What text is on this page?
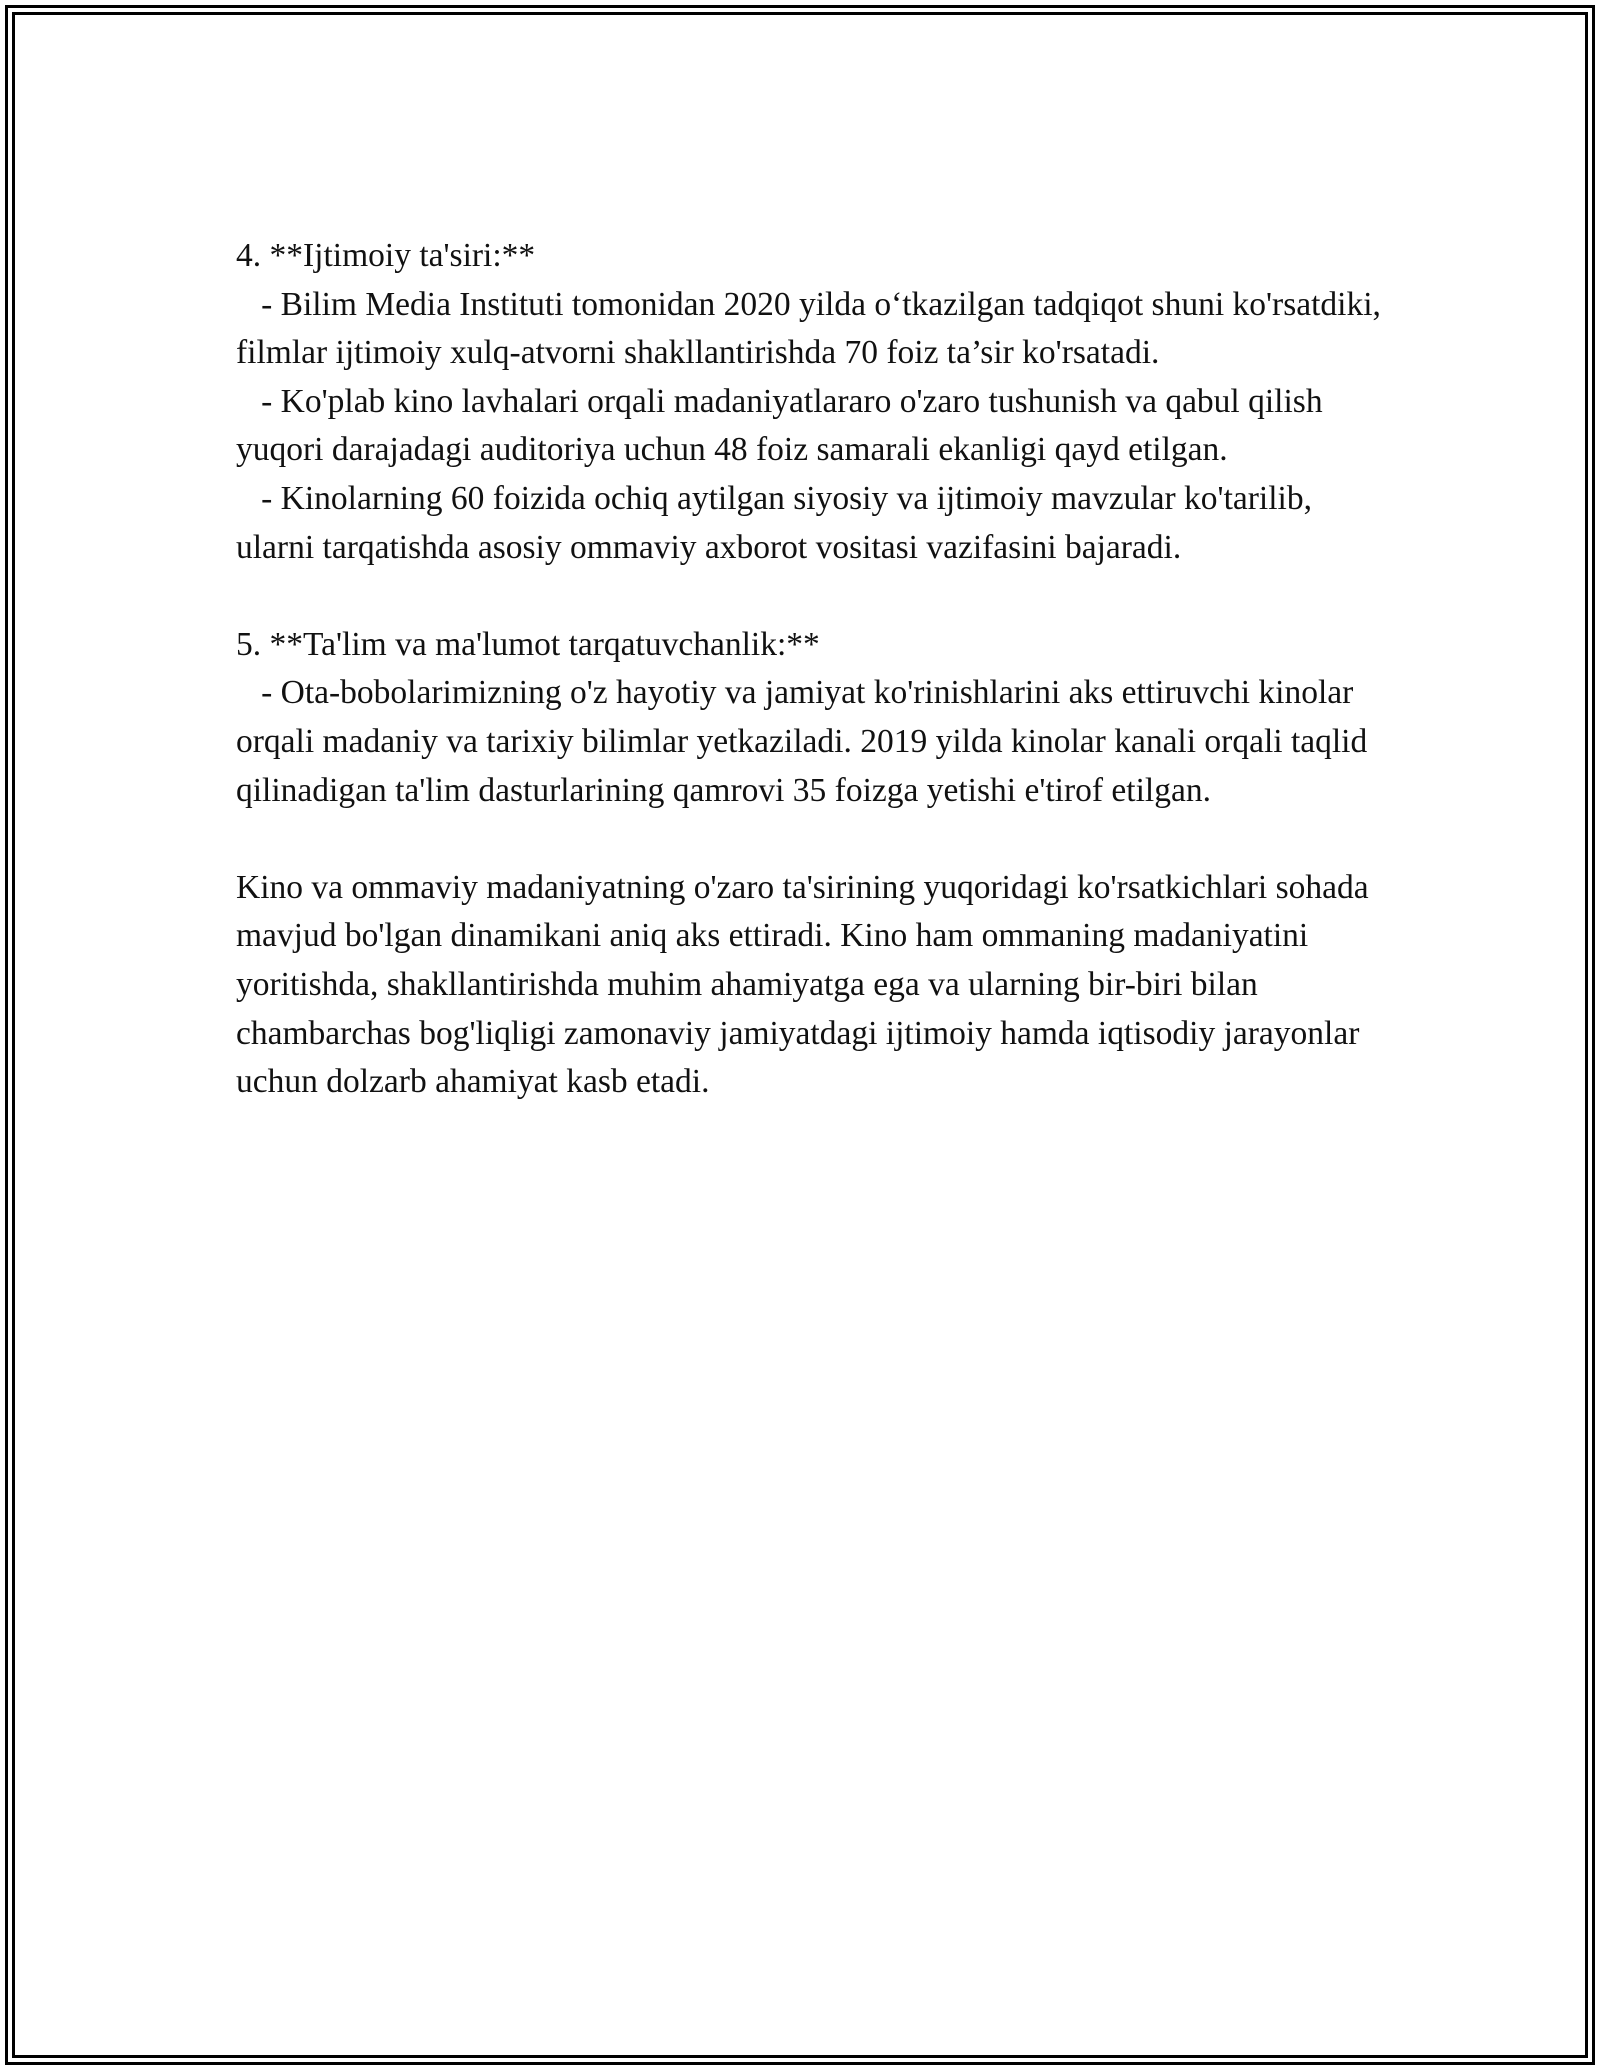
4. **Ijtimoiy ta'siri:**

- Bilim Media Instituti tomonidan 2020 yilda o‘tkazilgan tadqiqot shuni ko'rsatdiki, filmlar ijtimoiy xulq-atvorni shakllantirishda 70 foiz ta’sir ko'rsatadi.

- Ko'plab kino lavhalari orqali madaniyatlararo o'zaro tushunish va qabul qilish yuqori darajadagi auditoriya uchun 48 foiz samarali ekanligi qayd etilgan.

- Kinolarning 60 foizida ochiq aytilgan siyosiy va ijtimoiy mavzular ko'tarilib, ularni tarqatishda asosiy ommaviy axborot vositasi vazifasini bajaradi.

5. **Ta'lim va ma'lumot tarqatuvchanlik:**

- Ota-bobolarimizning o'z hayotiy va jamiyat ko'rinishlarini aks ettiruvchi kinolar orqali madaniy va tarixiy bilimlar yetkaziladi. 2019 yilda kinolar kanali orqali taqlid qilinadigan ta'lim dasturlarining qamrovi 35 foizga yetishi e'tirof etilgan.

Kino va ommaviy madaniyatning o'zaro ta'sirining yuqoridagi ko'rsatkichlari sohada mavjud bo'lgan dinamikani aniq aks ettiradi. Kino ham ommaning madaniyatini yoritishda, shakllantirishda muhim ahamiyatga ega va ularning bir-biri bilan chambarchas bog'liqligi zamonaviy jamiyatdagi ijtimoiy hamda iqtisodiy jarayonlar uchun dolzarb ahamiyat kasb etadi.
